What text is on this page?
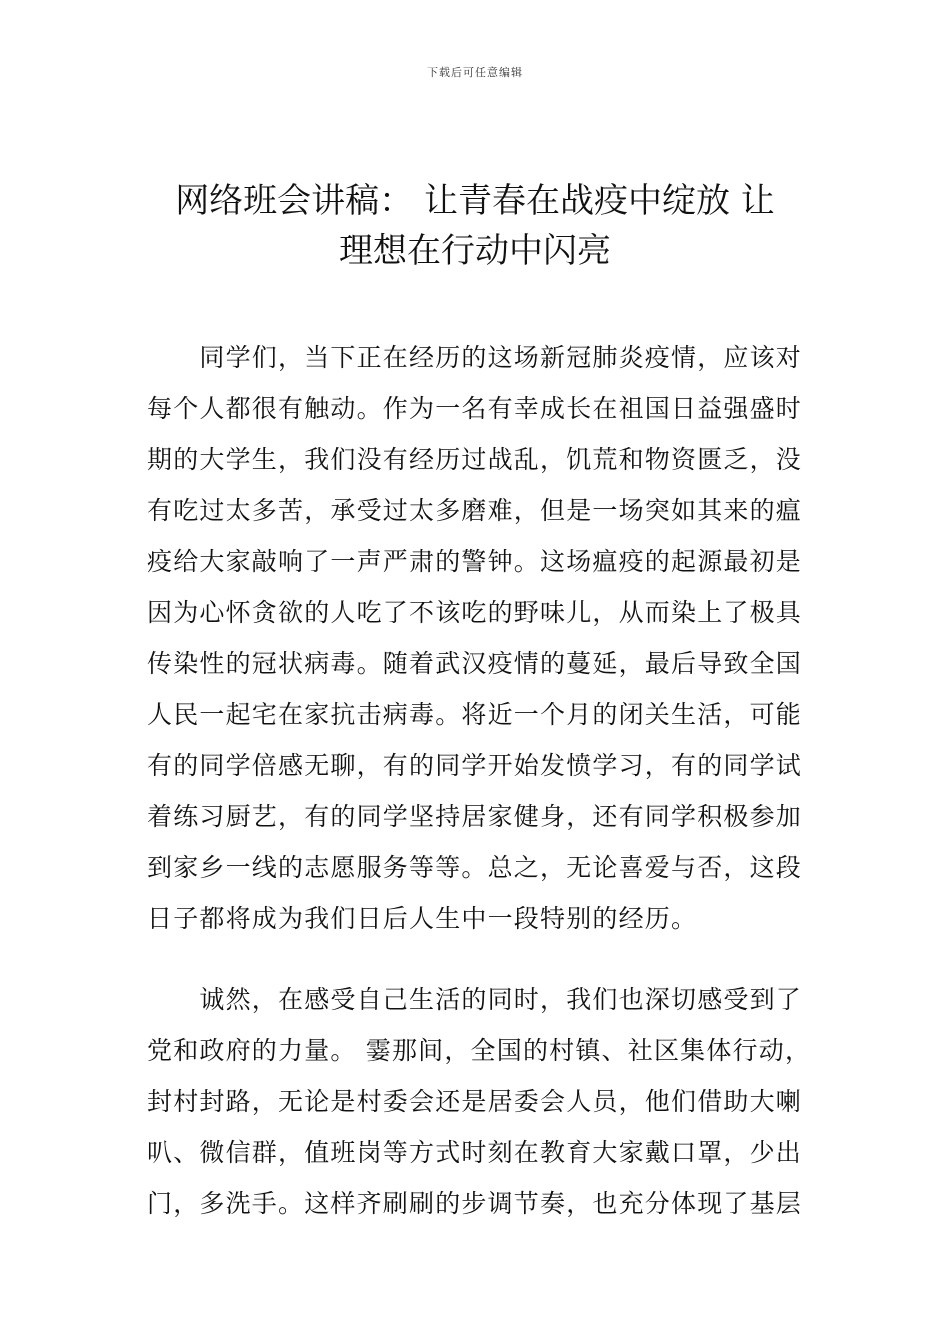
下载后可任意编辑
网络班会讲稿： 让青春在战疫中绽放 让
理想在行动中闪亮

　　同学们，当下正在经历的这场新冠肺炎疫情，应该对
每个人都很有触动。作为一名有幸成长在祖国日益强盛时
期的大学生，我们没有经历过战乱，饥荒和物资匮乏，没
有吃过太多苦，承受过太多磨难，但是一场突如其来的瘟
疫给大家敲响了一声严肃的警钟。这场瘟疫的起源最初是
因为心怀贪欲的人吃了不该吃的野味儿，从而染上了极具
传染性的冠状病毒。随着武汉疫情的蔓延，最后导致全国
人民一起宅在家抗击病毒。将近一个月的闭关生活，可能
有的同学倍感无聊，有的同学开始发愤学习，有的同学试
着练习厨艺，有的同学坚持居家健身，还有同学积极参加
到家乡一线的志愿服务等等。总之，无论喜爱与否，这段
日子都将成为我们日后人生中一段特别的经历。

　　诚然，在感受自己生活的同时，我们也深切感受到了
党和政府的力量。 霎那间，全国的村镇、社区集体行动，
封村封路，无论是村委会还是居委会人员，他们借助大喇
叭、微信群，值班岗等方式时刻在教育大家戴口罩，少出
门，多洗手。这样齐刷刷的步调节奏，也充分体现了基层
